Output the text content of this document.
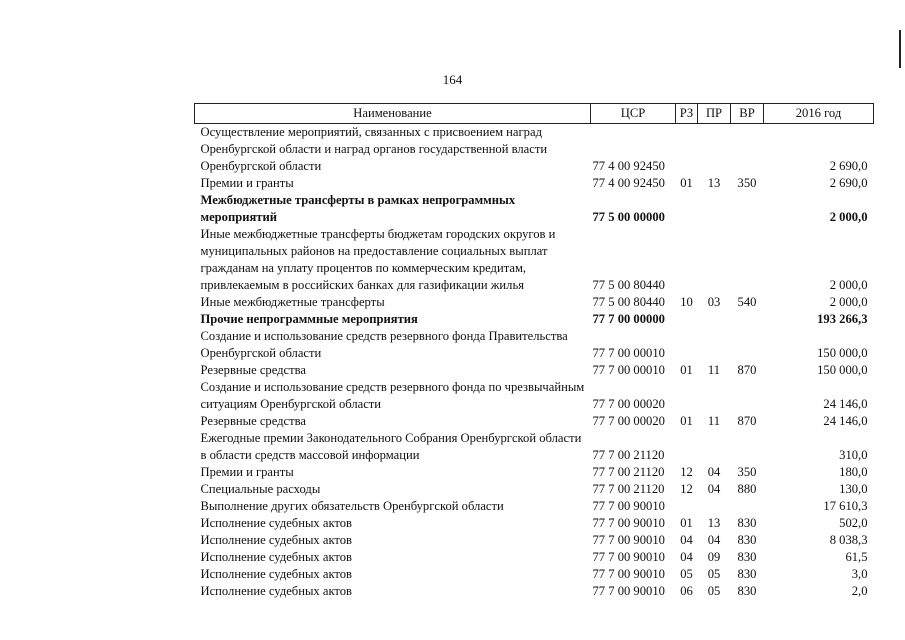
164
Наименование	ЦСР	РЗ	ПР	ВР	2016 год
Осуществление мероприятий, связанных с присвоением наград Оренбургской области и наград органов государственной власти Оренбургской области	77 4 00 92450				2 690,0
Премии и гранты	77 4 00 92450	01	13	350	2 690,0
Межбюджетные трансферты в рамках непрограммных мероприятий	77 5 00 00000				2 000,0
Иные межбюджетные трансферты бюджетам городских округов и муниципальных районов на предоставление социальных выплат гражданам на уплату процентов по коммерческим кредитам, привлекаемым в российских банках для газификации жилья	77 5 00 80440				2 000,0
Иные межбюджетные трансферты	77 5 00 80440	10	03	540	2 000,0
Прочие непрограммные мероприятия	77 7 00 00000				193 266,3
Создание и использование средств резервного фонда Правительства Оренбургской области	77 7 00 00010				150 000,0
Резервные средства	77 7 00 00010	01	11	870	150 000,0
Создание и использование средств резервного фонда по чрезвычайным ситуациям Оренбургской области	77 7 00 00020				24 146,0
Резервные средства	77 7 00 00020	01	11	870	24 146,0
Ежегодные премии Законодательного Собрания Оренбургской области в области средств массовой информации	77 7 00 21120				310,0
Премии и гранты	77 7 00 21120	12	04	350	180,0
Специальные расходы	77 7 00 21120	12	04	880	130,0
Выполнение других обязательств Оренбургской области	77 7 00 90010				17 610,3
Исполнение судебных актов	77 7 00 90010	01	13	830	502,0
Исполнение судебных актов	77 7 00 90010	04	04	830	8 038,3
Исполнение судебных актов	77 7 00 90010	04	09	830	61,5
Исполнение судебных актов	77 7 00 90010	05	05	830	3,0
Исполнение судебных актов	77 7 00 90010	06	05	830	2,0
